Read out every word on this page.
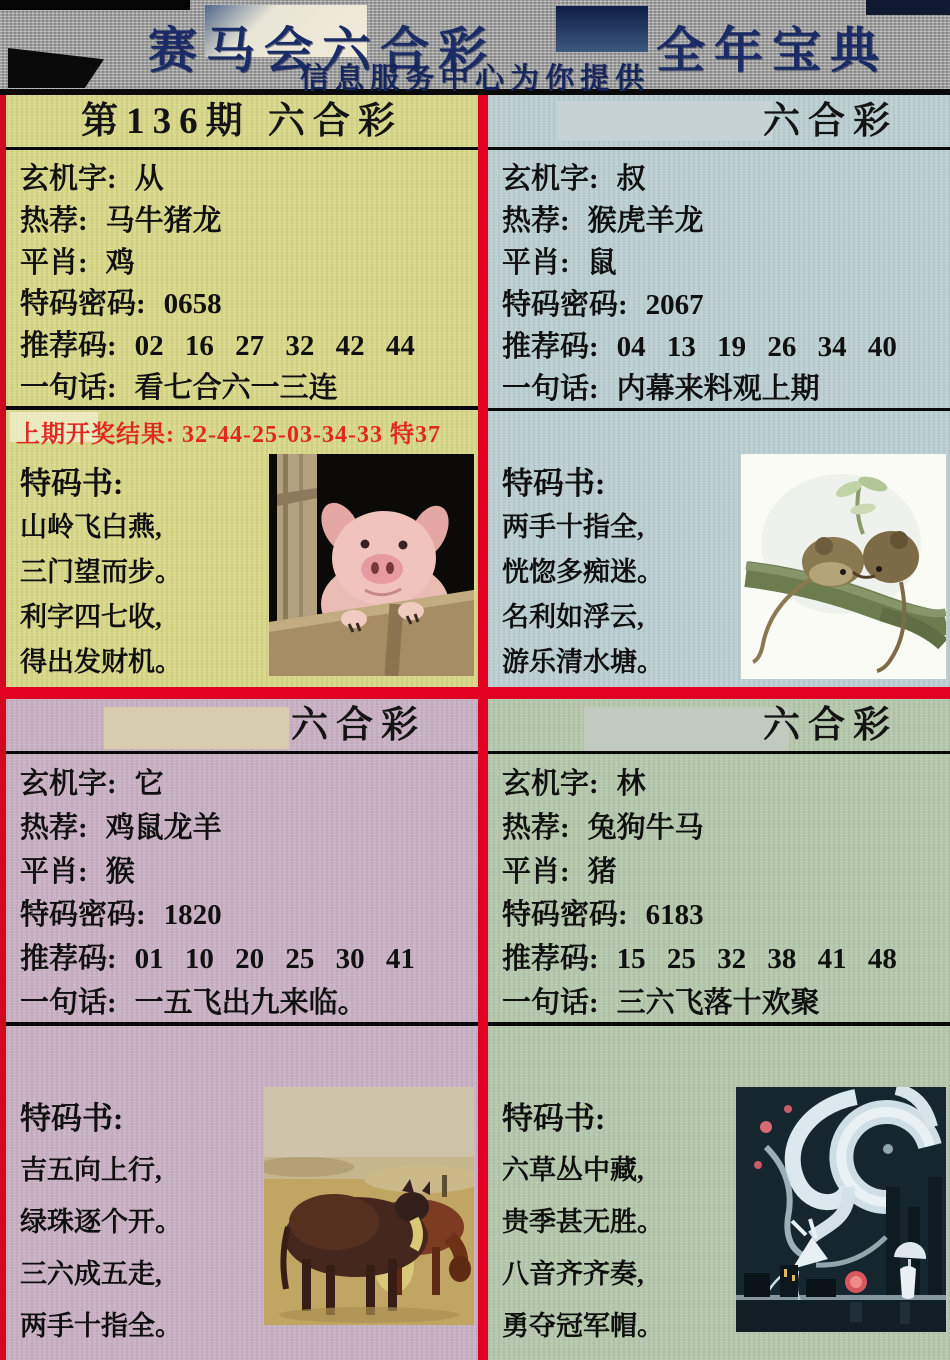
赛马会六合彩	全年宝典
信息服务中心为你提供
第136期 六合彩
玄机字: 从
热荐: 马牛猪龙
平肖: 鸡
特码密码: 0658
推荐码: 02 16 27 32 42 44
一句话: 看七合六一三连
上期开奖结果: 32-44-25-03-34-33 特37
特码书:
山岭飞白燕,
三门望而步。
利字四七收,
得出发财机。
六合彩
玄机字: 叔
热荐: 猴虎羊龙
平肖: 鼠
特码密码: 2067
推荐码: 04 13 19 26 34 40
一句话: 内幕来料观上期
特码书:
两手十指全,
恍惚多痴迷。
名利如浮云,
游乐清水塘。
六合彩
玄机字: 它
热荐: 鸡鼠龙羊
平肖: 猴
特码密码: 1820
推荐码: 01 10 20 25 30 41
一句话: 一五飞出九来临。
特码书:
吉五向上行,
绿珠逐个开。
三六成五走,
两手十指全。
六合彩
玄机字: 林
热荐: 兔狗牛马
平肖: 猪
特码密码: 6183
推荐码: 15 25 32 38 41 48
一句话: 三六飞落十欢聚
特码书:
六草丛中藏,
贵季甚无胜。
八音齐齐奏,
勇夺冠军帽。
